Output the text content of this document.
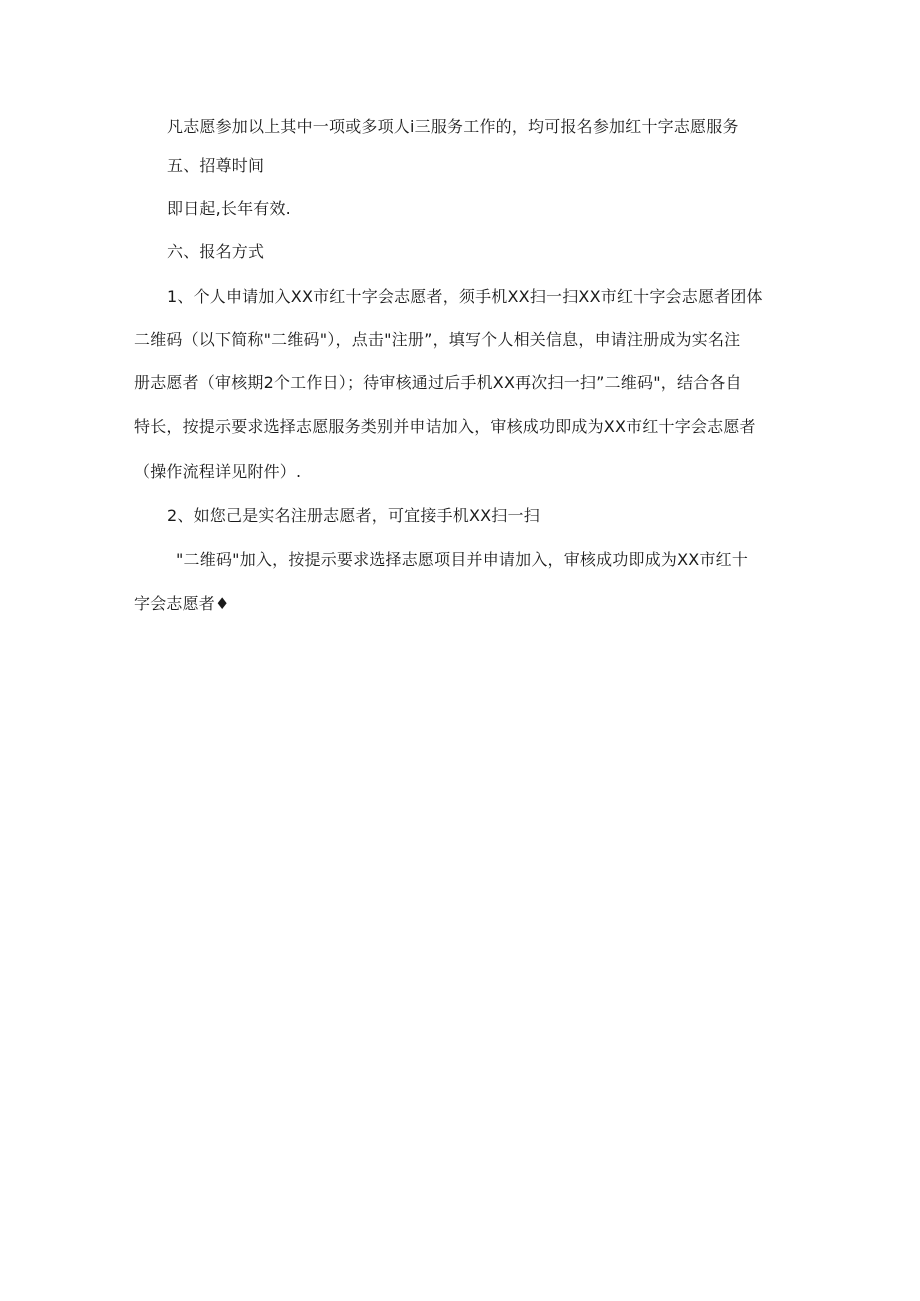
凡志愿参加以上其中一项或多项人i三服务工作的，均可报名参加红十字志愿服务
五、招尊时间
即日起,长年有效.
六、报名方式
1、个人申请加入XX市红十字会志愿者，须手机XX扫一扫XX市红十字会志愿者团体
二维码（以下简称"二维码"），点击"注册”，填写个人相关信息，申请注册成为实名注
册志愿者（审核期2个工作日）；待审核通过后手机XX再次扫一扫”二维码"，结合各自
特长，按提示要求选择志愿服务类别并申诘加入，审核成功即成为XX市红十字会志愿者
（操作流程详见附件）.
2、如您己是实名注册志愿者，可宜接手机XX扫一扫
"二维码"加入，按提示要求选择志愿项目并申请加入，审核成功即成为XX市红十
字会志愿者♦
